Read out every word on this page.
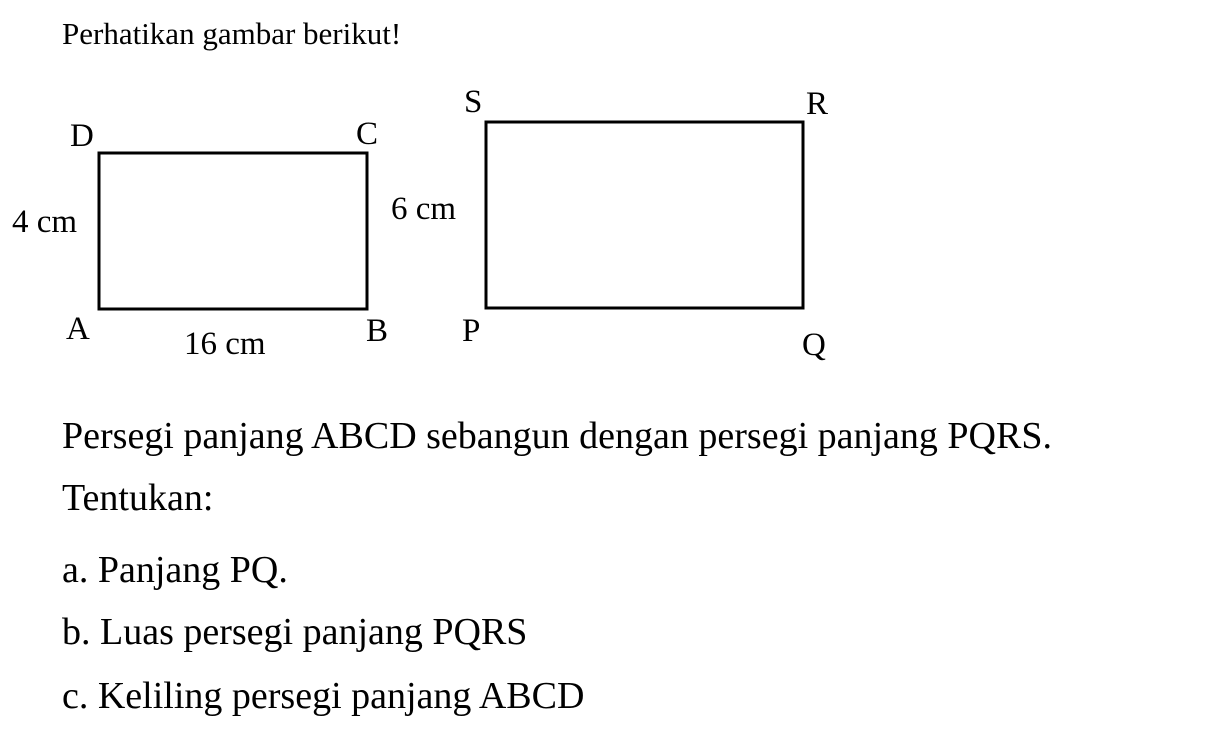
Perhatikan gambar berikut!
D	C
A	B
4 cm
16 cm
S	R
P	Q
6 cm
Persegi panjang ABCD sebangun dengan persegi panjang PQRS.
Tentukan:
a. Panjang PQ.
b. Luas persegi panjang PQRS
c. Keliling persegi panjang ABCD
